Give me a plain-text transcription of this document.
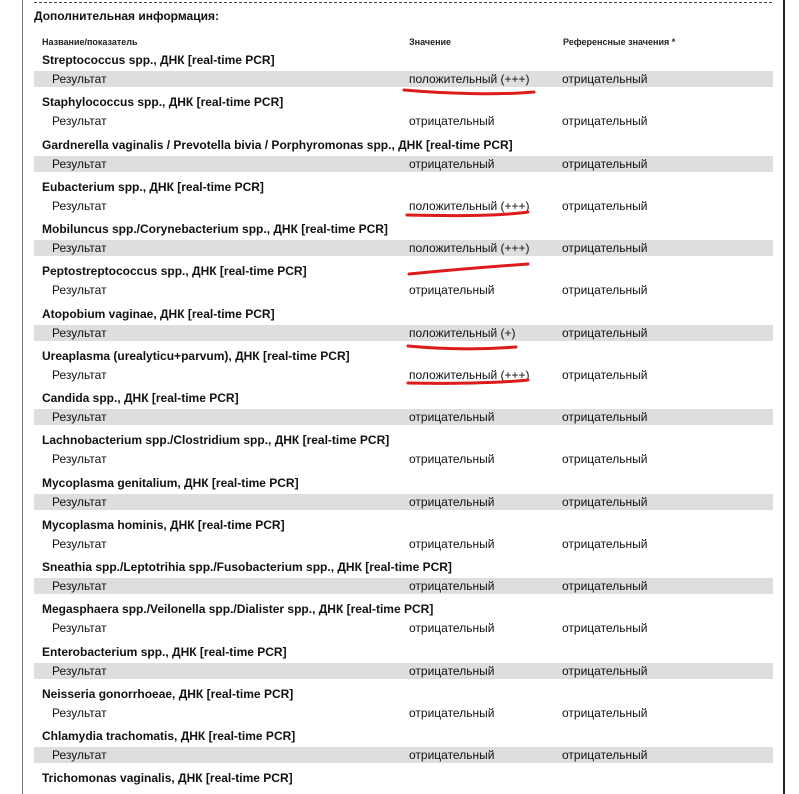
Дополнительная информация:
Название/показатель	Значение	Референсные значения *
Streptococcus spp., ДНК [real-time PCR]
Результат	положительный (+++)	отрицательный
Staphylococcus spp., ДНК [real-time PCR]
Результат	отрицательный	отрицательный
Gardnerella vaginalis / Prevotella bivia / Porphyromonas spp., ДНК [real-time PCR]
Результат	отрицательный	отрицательный
Eubacterium spp., ДНК [real-time PCR]
Результат	положительный (+++)	отрицательный
Mobiluncus spp./Corynebacterium spp., ДНК [real-time PCR]
Результат	положительный (+++)	отрицательный
Peptostreptococcus spp., ДНК [real-time PCR]
Результат	отрицательный	отрицательный
Atopobium vaginae, ДНК [real-time PCR]
Результат	положительный (+)	отрицательный
Ureaplasma (urealyticu+parvum), ДНК [real-time PCR]
Результат	положительный (+++)	отрицательный
Candida spp., ДНК [real-time PCR]
Результат	отрицательный	отрицательный
Lachnobacterium spp./Clostridium spp., ДНК [real-time PCR]
Результат	отрицательный	отрицательный
Mycoplasma genitalium, ДНК [real-time PCR]
Результат	отрицательный	отрицательный
Mycoplasma hominis, ДНК [real-time PCR]
Результат	отрицательный	отрицательный
Sneathia spp./Leptotrihia spp./Fusobacterium spp., ДНК [real-time PCR]
Результат	отрицательный	отрицательный
Megasphaera spp./Veilonella spp./Dialister spp., ДНК [real-time PCR]
Результат	отрицательный	отрицательный
Enterobacterium spp., ДНК [real-time PCR]
Результат	отрицательный	отрицательный
Neisseria gonorrhoeae, ДНК [real-time PCR]
Результат	отрицательный	отрицательный
Chlamydia trachomatis, ДНК [real-time PCR]
Результат	отрицательный	отрицательный
Trichomonas vaginalis, ДНК [real-time PCR]
